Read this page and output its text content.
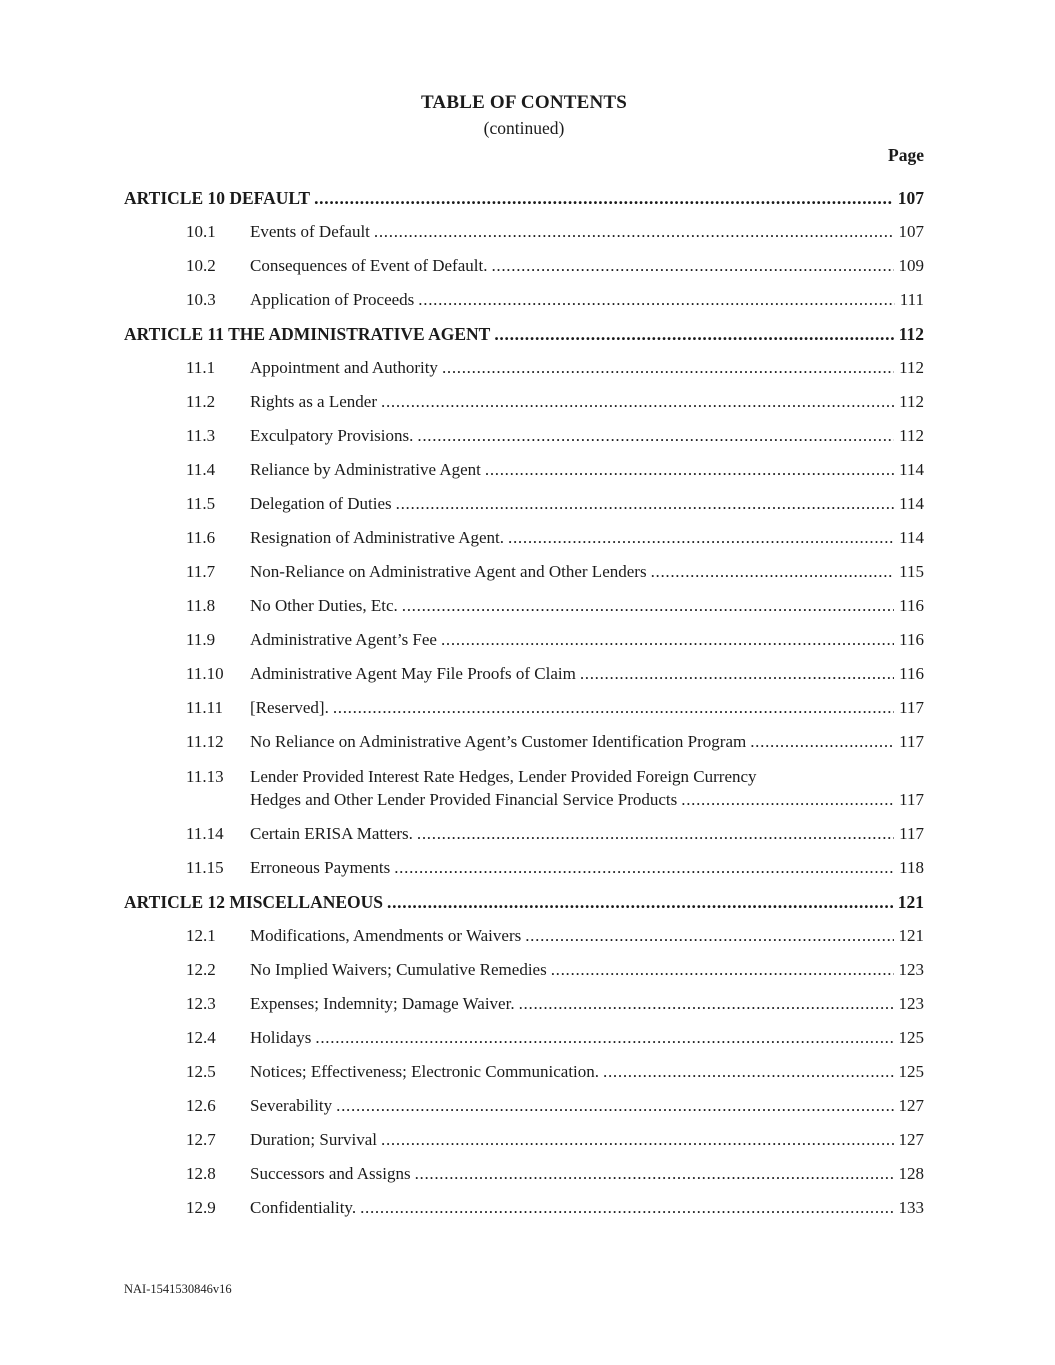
TABLE OF CONTENTS
(continued)
Page
ARTICLE 10 DEFAULT .....	107
10.1	Events of Default .....	107
10.2	Consequences of Event of Default. .....	109
10.3	Application of Proceeds .....	111
ARTICLE 11 THE ADMINISTRATIVE AGENT .....	112
11.1	Appointment and Authority .....	112
11.2	Rights as a Lender .....	112
11.3	Exculpatory Provisions. .....	112
11.4	Reliance by Administrative Agent .....	114
11.5	Delegation of Duties .....	114
11.6	Resignation of Administrative Agent. .....	114
11.7	Non-Reliance on Administrative Agent and Other Lenders .....	115
11.8	No Other Duties, Etc. .....	116
11.9	Administrative Agent’s Fee .....	116
11.10	Administrative Agent May File Proofs of Claim .....	116
11.11	[Reserved]. .....	117
11.12	No Reliance on Administrative Agent’s Customer Identification Program .....	117
11.13	Lender Provided Interest Rate Hedges, Lender Provided Foreign Currency
Hedges and Other Lender Provided Financial Service Products .....	117
11.14	Certain ERISA Matters. .....	117
11.15	Erroneous Payments .....	118
ARTICLE 12 MISCELLANEOUS .....	121
12.1	Modifications, Amendments or Waivers .....	121
12.2	No Implied Waivers; Cumulative Remedies .....	123
12.3	Expenses; Indemnity; Damage Waiver. .....	123
12.4	Holidays .....	125
12.5	Notices; Effectiveness; Electronic Communication. .....	125
12.6	Severability .....	127
12.7	Duration; Survival .....	127
12.8	Successors and Assigns .....	128
12.9	Confidentiality. .....	133
NAI-1541530846v16
